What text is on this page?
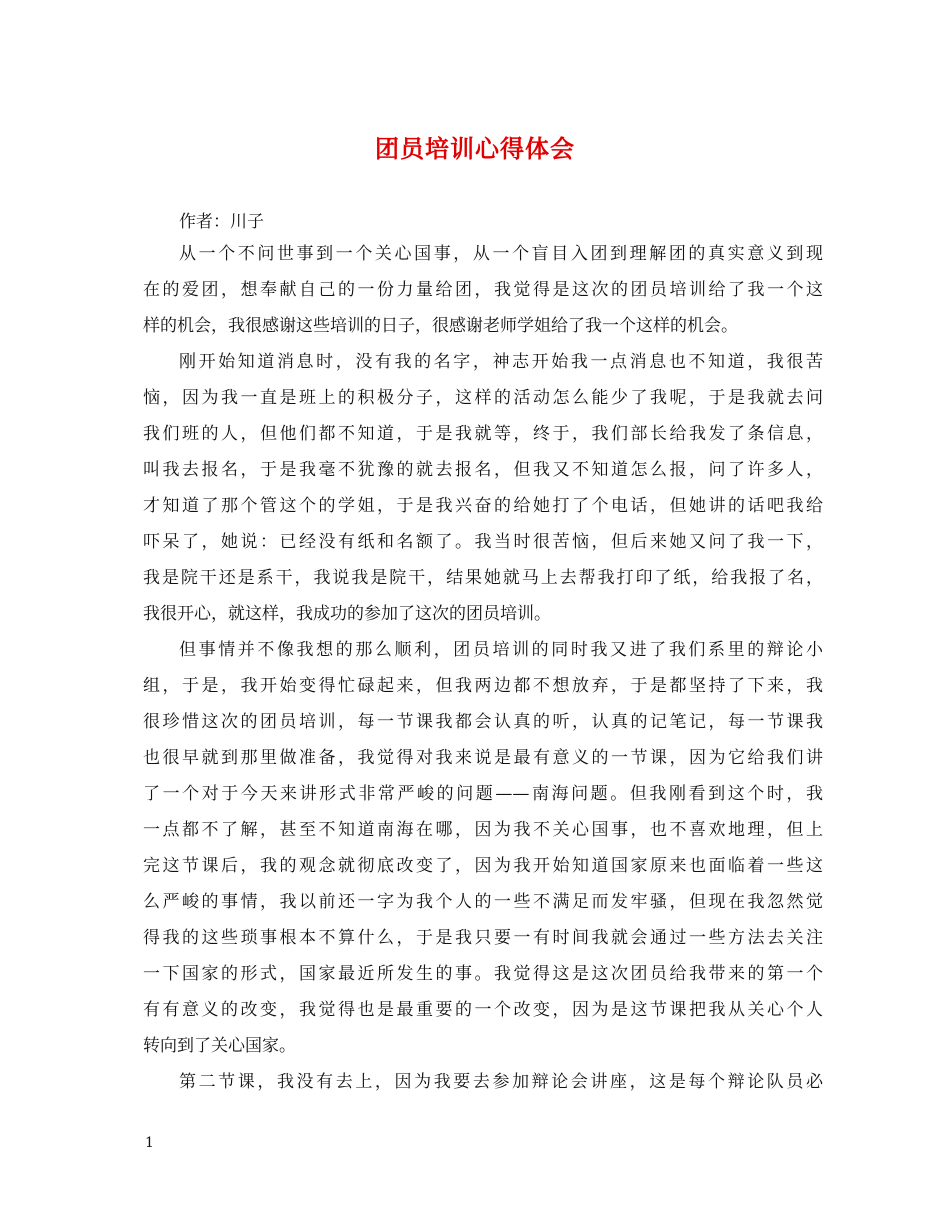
团员培训心得体会
作者：川子
从一个不问世事到一个关心国事，从一个盲目入团到理解团的真实意义到现
在的爱团，想奉献自己的一份力量给团，我觉得是这次的团员培训给了我一个这
样的机会，我很感谢这些培训的日子，很感谢老师学姐给了我一个这样的机会。
刚开始知道消息时，没有我的名字，神志开始我一点消息也不知道，我很苦
恼，因为我一直是班上的积极分子，这样的活动怎么能少了我呢，于是我就去问
我们班的人，但他们都不知道，于是我就等，终于，我们部长给我发了条信息，
叫我去报名，于是我毫不犹豫的就去报名，但我又不知道怎么报，问了许多人，
才知道了那个管这个的学姐，于是我兴奋的给她打了个电话，但她讲的话吧我给
吓呆了，她说：已经没有纸和名额了。我当时很苦恼，但后来她又问了我一下，
我是院干还是系干，我说我是院干，结果她就马上去帮我打印了纸，给我报了名，
我很开心，就这样，我成功的参加了这次的团员培训。
但事情并不像我想的那么顺利，团员培训的同时我又进了我们系里的辩论小
组，于是，我开始变得忙碌起来，但我两边都不想放弃，于是都坚持了下来，我
很珍惜这次的团员培训，每一节课我都会认真的听，认真的记笔记，每一节课我
也很早就到那里做准备，我觉得对我来说是最有意义的一节课，因为它给我们讲
了一个对于今天来讲形式非常严峻的问题——南海问题。但我刚看到这个时，我
一点都不了解，甚至不知道南海在哪，因为我不关心国事，也不喜欢地理，但上
完这节课后，我的观念就彻底改变了，因为我开始知道国家原来也面临着一些这
么严峻的事情，我以前还一字为我个人的一些不满足而发牢骚，但现在我忽然觉
得我的这些琐事根本不算什么，于是我只要一有时间我就会通过一些方法去关注
一下国家的形式，国家最近所发生的事。我觉得这是这次团员给我带来的第一个
有有意义的改变，我觉得也是最重要的一个改变，因为是这节课把我从关心个人
转向到了关心国家。
第二节课，我没有去上，因为我要去参加辩论会讲座，这是每个辩论队员必
1
